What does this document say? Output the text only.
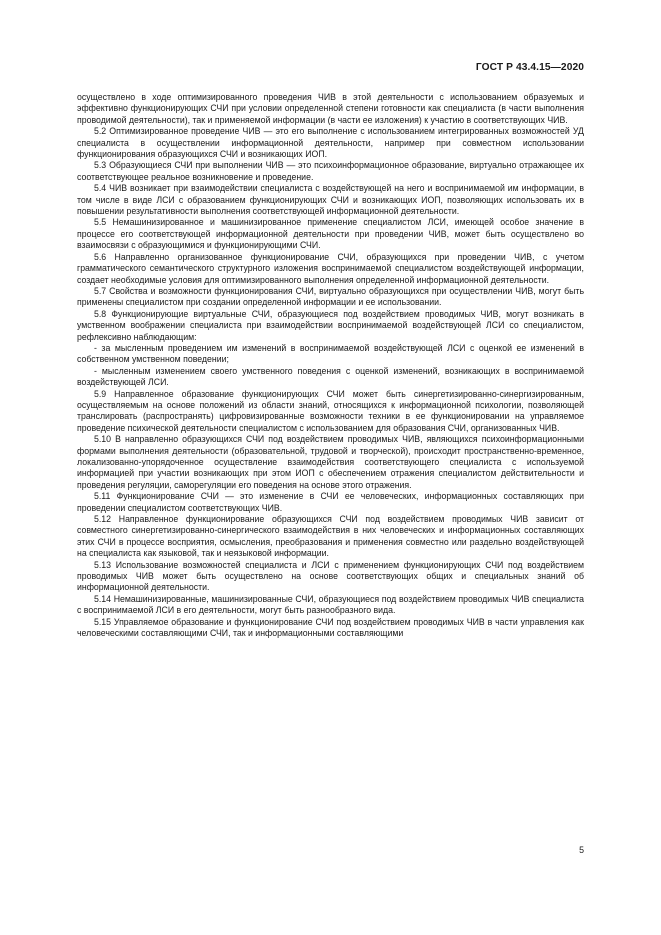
ГОСТ Р 43.4.15—2020

осуществлено в ходе оптимизированного проведения ЧИВ в этой деятельности с использованием образуемых и эффективно функционирующих СЧИ при условии определенной степени готовности как специалиста (в части выполнения проводимой деятельности), так и применяемой информации (в части ее изложения) к участию в соответствующих ЧИВ.

5.2 Оптимизированное проведение ЧИВ — это его выполнение с использованием интегрированных возможностей УД специалиста в осуществлении информационной деятельности, например при совместном использовании функционирования образующихся СЧИ и возникающих ИОП.

5.3 Образующиеся СЧИ при выполнении ЧИВ — это психоинформационное образование, виртуально отражающее их соответствующее реальное возникновение и проведение.

5.4 ЧИВ возникает при взаимодействии специалиста с воздействующей на него и воспринимаемой им информации, в том числе в виде ЛСИ с образованием функционирующих СЧИ и возникающих ИОП, позволяющих использовать их в повышении результативности выполнения соответствующей информационной деятельности.

5.5 Немашинизированное и машинизированное применение специалистом ЛСИ, имеющей особое значение в процессе его соответствующей информационной деятельности при проведении ЧИВ, может быть осуществлено во взаимосвязи с образующимися и функционирующими СЧИ.

5.6 Направленно организованное функционирование СЧИ, образующихся при проведении ЧИВ, с учетом грамматического семантического структурного изложения воспринимаемой специалистом воздействующей информации, создает необходимые условия для оптимизированного выполнения определенной информационной деятельности.

5.7 Свойства и возможности функционирования СЧИ, виртуально образующихся при осуществлении ЧИВ, могут быть применены специалистом при создании определенной информации и ее использовании.

5.8 Функционирующие виртуальные СЧИ, образующиеся под воздействием проводимых ЧИВ, могут возникать в умственном воображении специалиста при взаимодействии воспринимаемой воздействующей ЛСИ со специалистом, рефлексивно наблюдающим:

- за мысленным проведением им изменений в воспринимаемой воздействующей ЛСИ с оценкой ее изменений в собственном умственном поведении;

- мысленным изменением своего умственного поведения с оценкой изменений, возникающих в воспринимаемой воздействующей ЛСИ.

5.9 Направленное образование функционирующих СЧИ может быть синергетизированно-синергизированным, осуществляемым на основе положений из области знаний, относящихся к информационной психологии, позволяющей транслировать (распространять) цифровизированные возможности техники в ее функционировании на управляемое проведение психической деятельности специалистом с использованием для образования СЧИ, организованных ЧИВ.

5.10 В направленно образующихся СЧИ под воздействием проводимых ЧИВ, являющихся психоинформационными формами выполнения деятельности (образовательной, трудовой и творческой), происходит пространственно-временное, локализованно-упорядоченное осуществление взаимодействия соответствующего специалиста с используемой информацией при участии возникающих при этом ИОП с обеспечением отражения специалистом действительности и проведения регуляции, саморегуляции его поведения на основе этого отражения.

5.11 Функционирование СЧИ — это изменение в СЧИ ее человеческих, информационных составляющих при проведении специалистом соответствующих ЧИВ.

5.12 Направленное функционирование образующихся СЧИ под воздействием проводимых ЧИВ зависит от совместного синергетизированно-синергического взаимодействия в них человеческих и информационных составляющих этих СЧИ в процессе восприятия, осмысления, преобразования и применения совместно или раздельно воздействующей на специалиста как языковой, так и неязыковой информации.

5.13 Использование возможностей специалиста и ЛСИ с применением функционирующих СЧИ под воздействием проводимых ЧИВ может быть осуществлено на основе соответствующих общих и специальных знаний об информационной деятельности.

5.14 Немашинизированные, машинизированные СЧИ, образующиеся под воздействием проводимых ЧИВ специалиста с воспринимаемой ЛСИ в его деятельности, могут быть разнообразного вида.

5.15 Управляемое образование и функционирование СЧИ под воздействием проводимых ЧИВ в части управления как человеческими составляющими СЧИ, так и информационными составляющими

5
